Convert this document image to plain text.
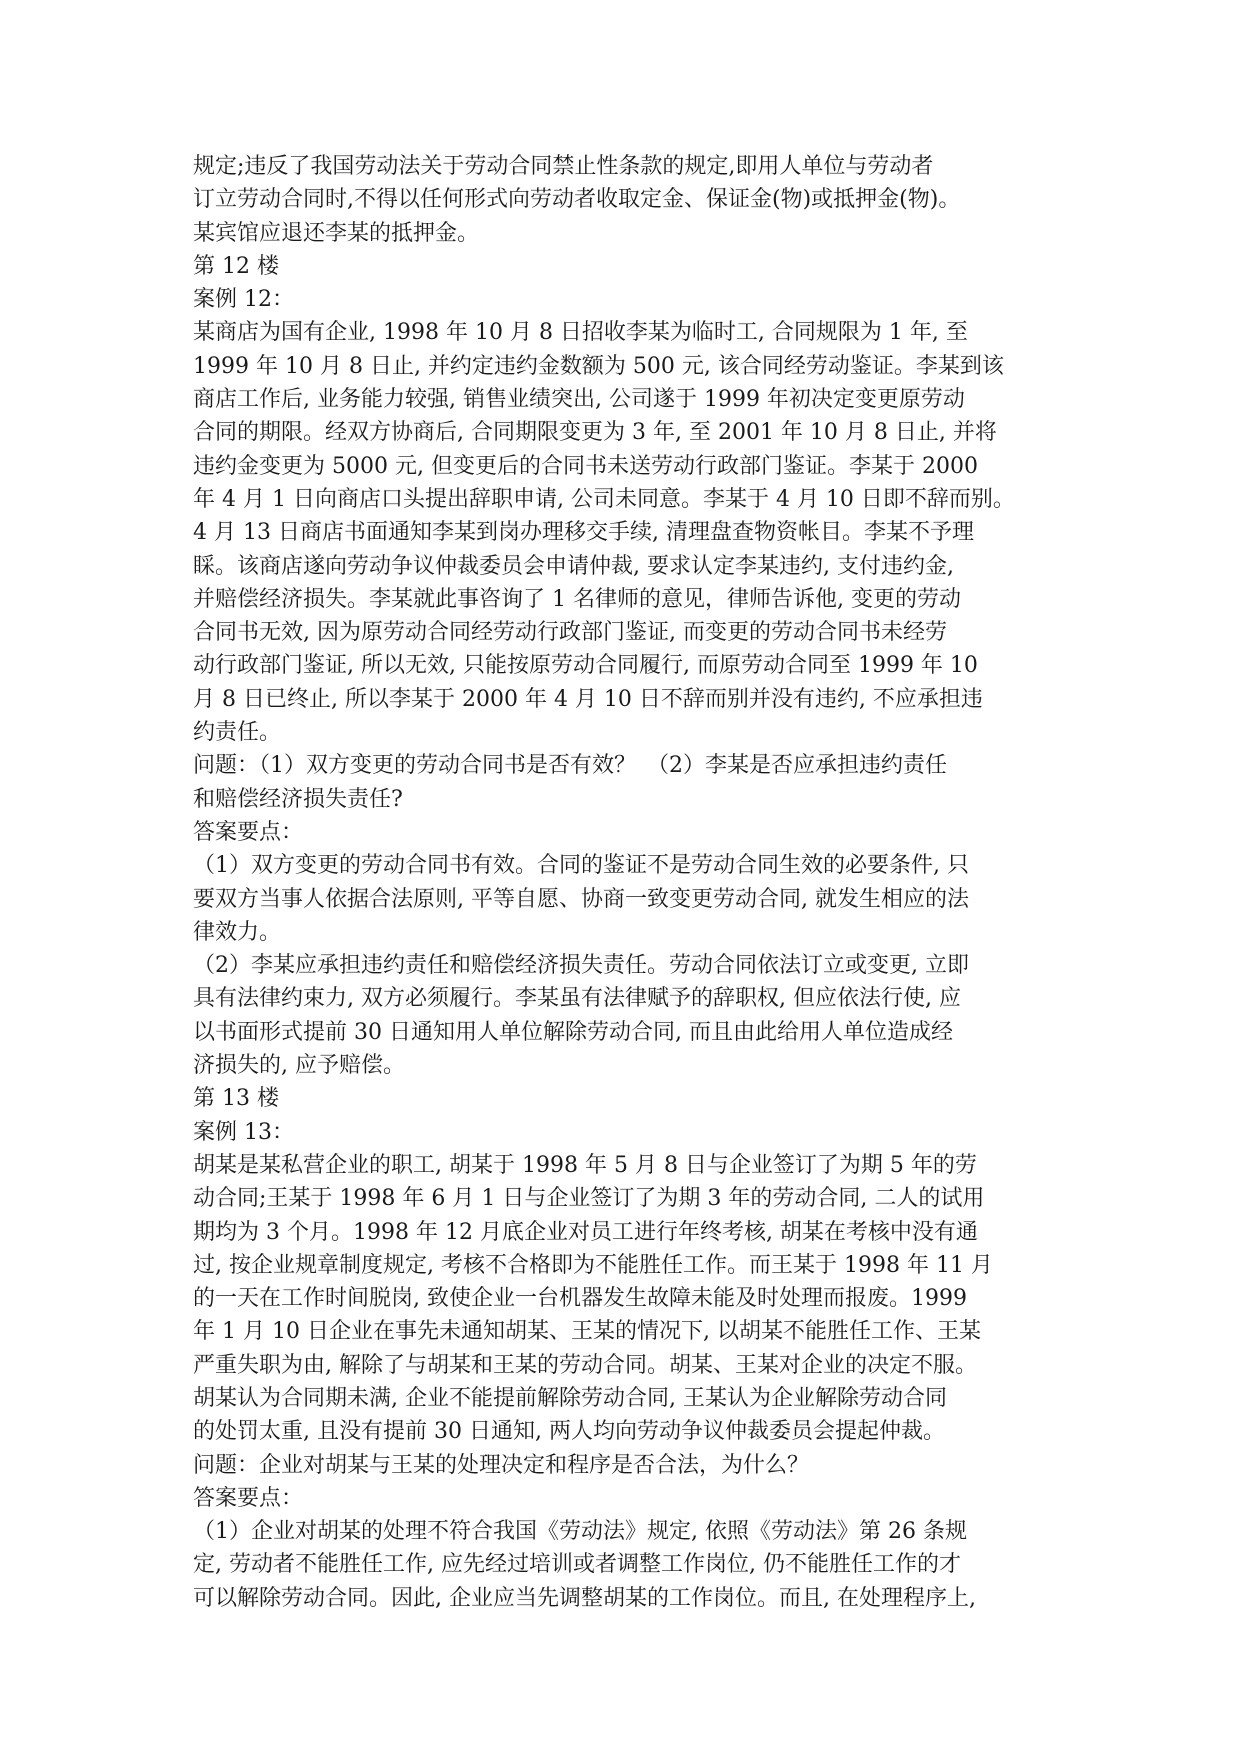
规定;违反了我国劳动法关于劳动合同禁止性条款的规定,即用人单位与劳动者
订立劳动合同时,不得以任何形式向劳动者收取定金、保证金(物)或抵押金(物)。
某宾馆应退还李某的抵押金。
第 12 楼
案例 12：
某商店为国有企业, 1998 年 10 月 8 日招收李某为临时工, 合同规限为 1 年, 至
1999 年 10 月 8 日止, 并约定违约金数额为 500 元, 该合同经劳动鉴证。李某到该
商店工作后, 业务能力较强, 销售业绩突出, 公司遂于 1999 年初决定变更原劳动
合同的期限。经双方协商后, 合同期限变更为 3 年, 至 2001 年 10 月 8 日止, 并将
违约金变更为 5000 元, 但变更后的合同书未送劳动行政部门鉴证。李某于 2000
年 4 月 1 日向商店口头提出辞职申请, 公司未同意。李某于 4 月 10 日即不辞而别。
4 月 13 日商店书面通知李某到岗办理移交手续, 清理盘查物资帐目。李某不予理
睬。该商店遂向劳动争议仲裁委员会申请仲裁, 要求认定李某违约, 支付违约金,
并赔偿经济损失。李某就此事咨询了 1 名律师的意见，律师告诉他, 变更的劳动
合同书无效, 因为原劳动合同经劳动行政部门鉴证, 而变更的劳动合同书未经劳
动行政部门鉴证, 所以无效, 只能按原劳动合同履行, 而原劳动合同至 1999 年 10
月 8 日已终止, 所以李某于 2000 年 4 月 10 日不辞而别并没有违约, 不应承担违
约责任。
问题：（1）双方变更的劳动合同书是否有效？　（2）李某是否应承担违约责任
和赔偿经济损失责任?
答案要点：
（1）双方变更的劳动合同书有效。合同的鉴证不是劳动合同生效的必要条件, 只
要双方当事人依据合法原则, 平等自愿、协商一致变更劳动合同, 就发生相应的法
律效力。
（2）李某应承担违约责任和赔偿经济损失责任。劳动合同依法订立或变更, 立即
具有法律约束力, 双方必须履行。李某虽有法律赋予的辞职权, 但应依法行使, 应
以书面形式提前 30 日通知用人单位解除劳动合同, 而且由此给用人单位造成经
济损失的, 应予赔偿。
第 13 楼
案例 13：
胡某是某私营企业的职工, 胡某于 1998 年 5 月 8 日与企业签订了为期 5 年的劳
动合同;王某于 1998 年 6 月 1 日与企业签订了为期 3 年的劳动合同, 二人的试用
期均为 3 个月。1998 年 12 月底企业对员工进行年终考核, 胡某在考核中没有通
过, 按企业规章制度规定, 考核不合格即为不能胜任工作。而王某于 1998 年 11 月
的一天在工作时间脱岗, 致使企业一台机器发生故障未能及时处理而报废。1999
年 1 月 10 日企业在事先未通知胡某、王某的情况下, 以胡某不能胜任工作、王某
严重失职为由, 解除了与胡某和王某的劳动合同。胡某、王某对企业的决定不服。
胡某认为合同期未满, 企业不能提前解除劳动合同, 王某认为企业解除劳动合同
的处罚太重, 且没有提前 30 日通知, 两人均向劳动争议仲裁委员会提起仲裁。
问题：企业对胡某与王某的处理决定和程序是否合法，为什么？
答案要点：
（1）企业对胡某的处理不符合我国《劳动法》规定, 依照《劳动法》第 26 条规
定, 劳动者不能胜任工作, 应先经过培训或者调整工作岗位, 仍不能胜任工作的才
可以解除劳动合同。因此, 企业应当先调整胡某的工作岗位。而且, 在处理程序上,
